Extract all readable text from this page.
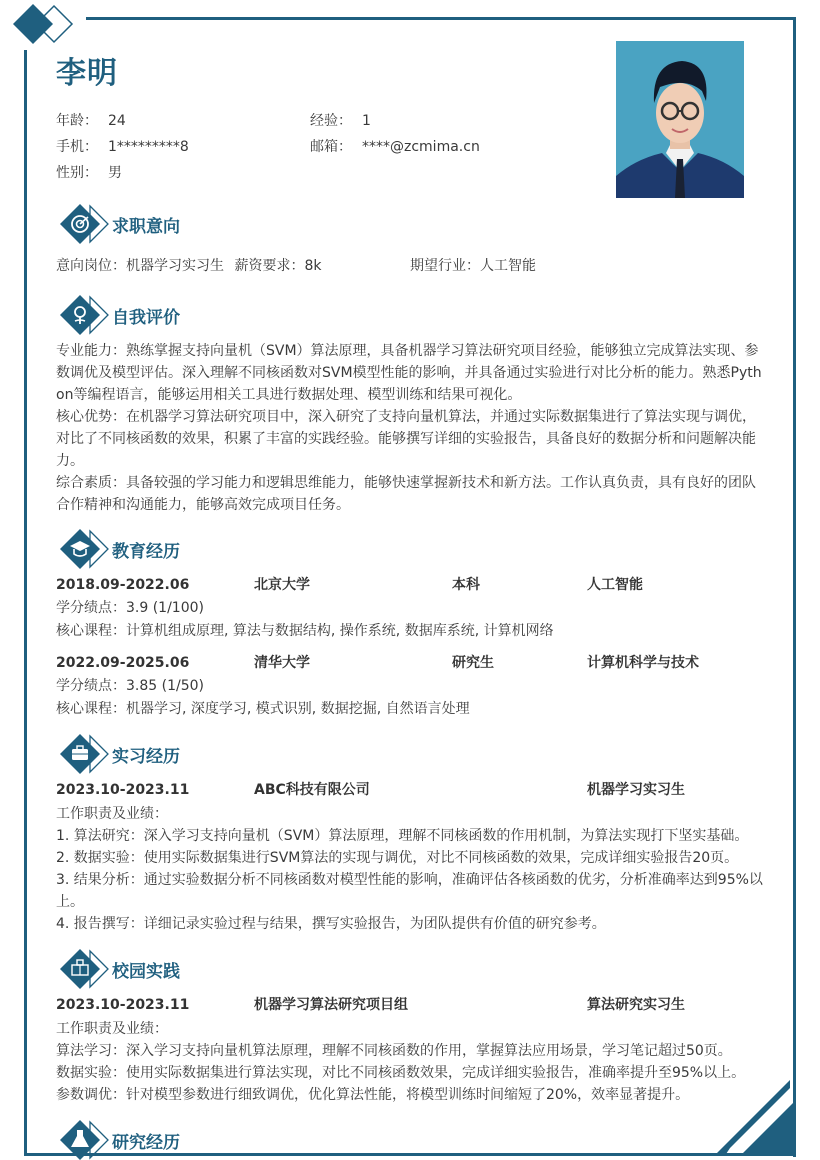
李明
年龄： 24	经验： 1
手机： 1*********8	邮箱： ****@zcmima.cn
性别： 男
求职意向
意向岗位：机器学习实习生 薪资要求：8k	期望行业：人工智能
自我评价
专业能力：熟练掌握支持向量机（SVM）算法原理，具备机器学习算法研究项目经验，能够独立完成算法实现、参数调优及模型评估。深入理解不同核函数对SVM模型性能的影响，并具备通过实验进行对比分析的能力。熟悉Python等编程语言，能够运用相关工具进行数据处理、模型训练和结果可视化。
核心优势：在机器学习算法研究项目中，深入研究了支持向量机算法，并通过实际数据集进行了算法实现与调优，对比了不同核函数的效果，积累了丰富的实践经验。能够撰写详细的实验报告，具备良好的数据分析和问题解决能力。
综合素质：具备较强的学习能力和逻辑思维能力，能够快速掌握新技术和新方法。工作认真负责，具有良好的团队合作精神和沟通能力，能够高效完成项目任务。
教育经历
2018.09-2022.06	北京大学	本科	人工智能
学分绩点：3.9 (1/100)
核心课程：计算机组成原理, 算法与数据结构, 操作系统, 数据库系统, 计算机网络
2022.09-2025.06	清华大学	研究生	计算机科学与技术
学分绩点：3.85 (1/50)
核心课程：机器学习, 深度学习, 模式识别, 数据挖掘, 自然语言处理
实习经历
2023.10-2023.11	ABC科技有限公司	机器学习实习生
工作职责及业绩：
1. 算法研究：深入学习支持向量机（SVM）算法原理，理解不同核函数的作用机制，为算法实现打下坚实基础。
2. 数据实验：使用实际数据集进行SVM算法的实现与调优，对比不同核函数的效果，完成详细实验报告20页。
3. 结果分析：通过实验数据分析不同核函数对模型性能的影响，准确评估各核函数的优劣，分析准确率达到95%以上。
4. 报告撰写：详细记录实验过程与结果，撰写实验报告，为团队提供有价值的研究参考。
校园实践
2023.10-2023.11	机器学习算法研究项目组	算法研究实习生
工作职责及业绩：
算法学习：深入学习支持向量机算法原理，理解不同核函数的作用，掌握算法应用场景，学习笔记超过50页。
数据实验：使用实际数据集进行算法实现，对比不同核函数效果，完成详细实验报告，准确率提升至95%以上。
参数调优：针对模型参数进行细致调优，优化算法性能，将模型训练时间缩短了20%，效率显著提升。
研究经历
